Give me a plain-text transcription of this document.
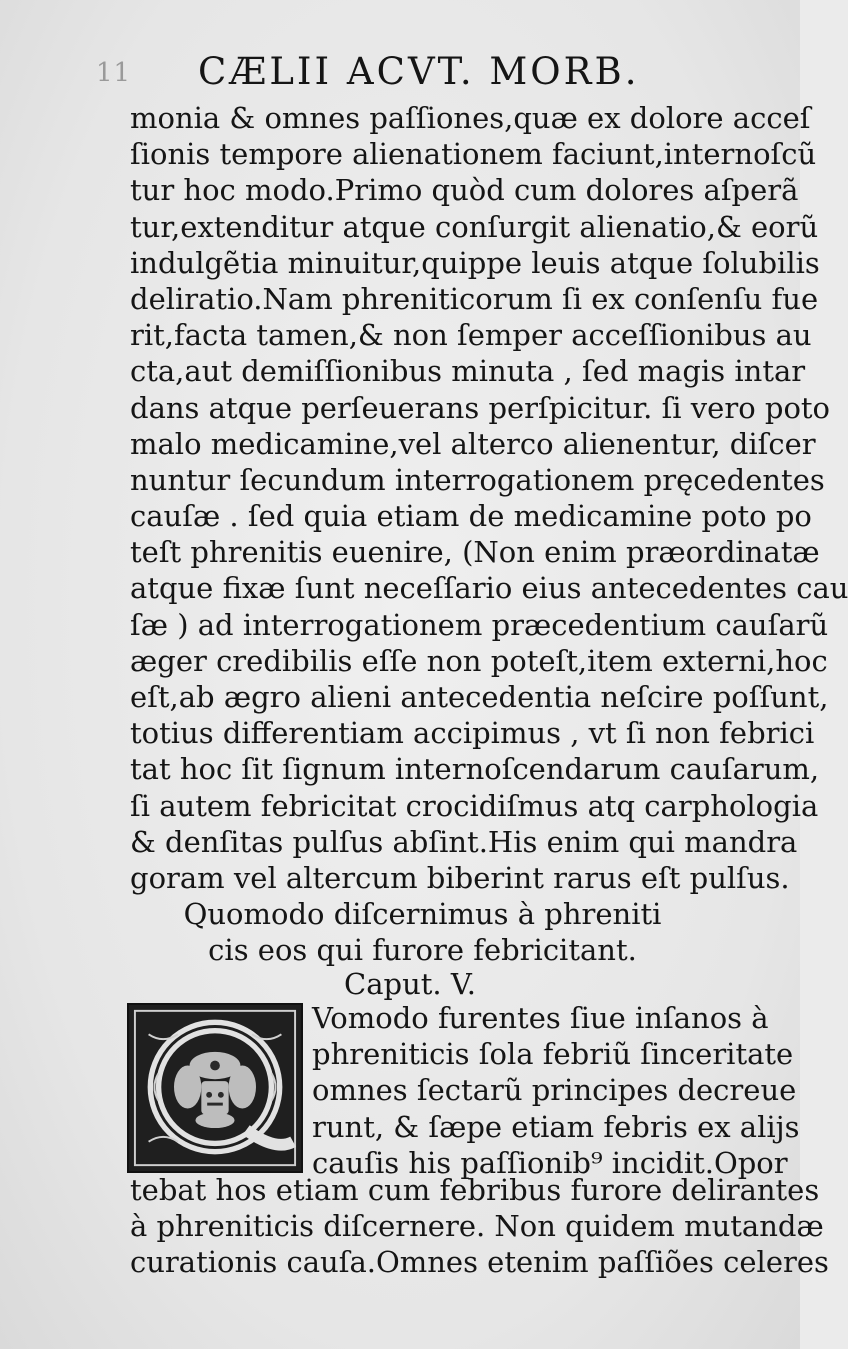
11 CÆLII ACVT. MORB.
monia & omnes paſſiones,quæ ex dolore acceſ
ſionis tempore alienationem faciunt,internoſcũ
tur hoc modo.Primo quòd cum dolores aſperã
tur,extenditur atque conſurgit alienatio,& eorũ
indulgẽtia minuitur,quippe leuis atque ſolubilis
deliratio.Nam phreniticorum ſi ex conſenſu fue
rit,facta tamen,& non ſemper acceſſionibus au
cta,aut demiſſionibus minuta , ſed magis intar
dans atque perſeuerans perſpicitur. ſi vero poto
malo medicamine,vel alterco alienentur, diſcer
nuntur ſecundum interrogationem pręcedentes
cauſæ . ſed quia etiam de medicamine poto po
teſt phrenitis euenire, (Non enim præordinatæ
atque fixæ ſunt neceſſario eius antecedentes cau
ſæ ) ad interrogationem præcedentium cauſarũ
æger credibilis eſſe non poteſt,item externi,hoc
eſt,ab ægro alieni antecedentia neſcire poſſunt,
totius differentiam accipimus , vt ſi non febrici
tat hoc ſit ſignum internoſcendarum cauſarum,
ſi autem febricitat crocidiſmus atq carphologia
& denſitas pulſus abſint.His enim qui mandra
goram vel altercum biberint rarus eſt pulſus.
Quomodo diſcernimus à phreniti
cis eos qui furore febricitant.
Caput. V.
Vomodo furentes ſiue inſanos à
phreniticis ſola febriũ ſinceritate
omnes ſectarũ principes decreue
runt, & ſæpe etiam febris ex alijs
cauſis his paſſionib⁹ incidit.Opor
tebat hos etiam cum febribus furore delirantes
à phreniticis diſcernere. Non quidem mutandæ
curationis cauſa.Omnes etenim paſſiões celeres
